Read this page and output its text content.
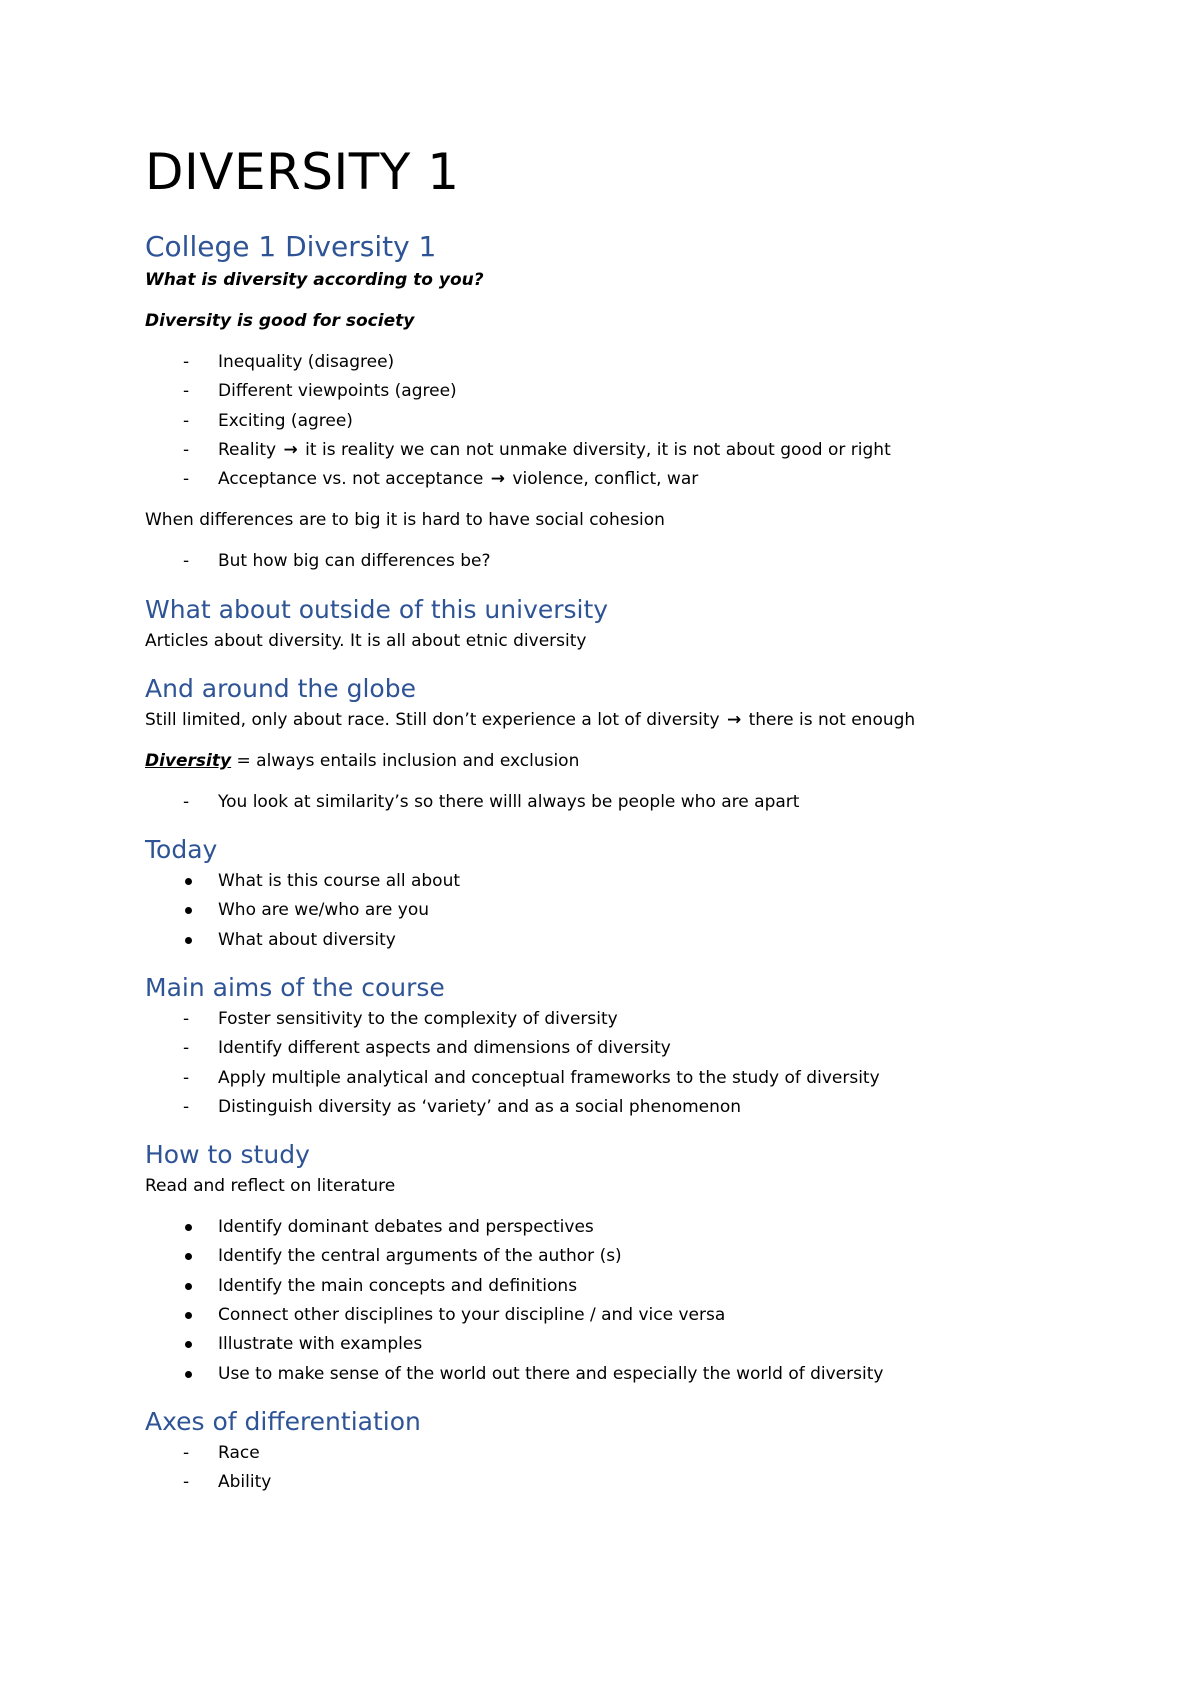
DIVERSITY 1
College 1 Diversity 1

What is diversity according to you?

Diversity is good for society

-
Inequality (disagree)
-
Different viewpoints (agree)
-
Exciting (agree)
-
Reality → it is reality we can not unmake diversity, it is not about good or right
-
Acceptance vs. not acceptance → violence, conflict, war

When differences are to big it is hard to have social cohesion

-
But how big can differences be?
What about outside of this university

Articles about diversity. It is all about etnic diversity

And around the globe

Still limited, only about race. Still don’t experience a lot of diversity → there is not enough

Diversity = always entails inclusion and exclusion

-
You look at similarity’s so there willl always be people who are apart
Today
What is this course all about
Who are we/who are you
What about diversity
Main aims of the course
-
Foster sensitivity to the complexity of diversity
-
Identify different aspects and dimensions of diversity
-
Apply multiple analytical and conceptual frameworks to the study of diversity
-
Distinguish diversity as ‘variety’ and as a social phenomenon
How to study

Read and reflect on literature

Identify dominant debates and perspectives
Identify the central arguments of the author (s)
Identify the main concepts and definitions
Connect other disciplines to your discipline / and vice versa
Illustrate with examples
Use to make sense of the world out there and especially the world of diversity
Axes of differentiation
-
Race
-
Ability
